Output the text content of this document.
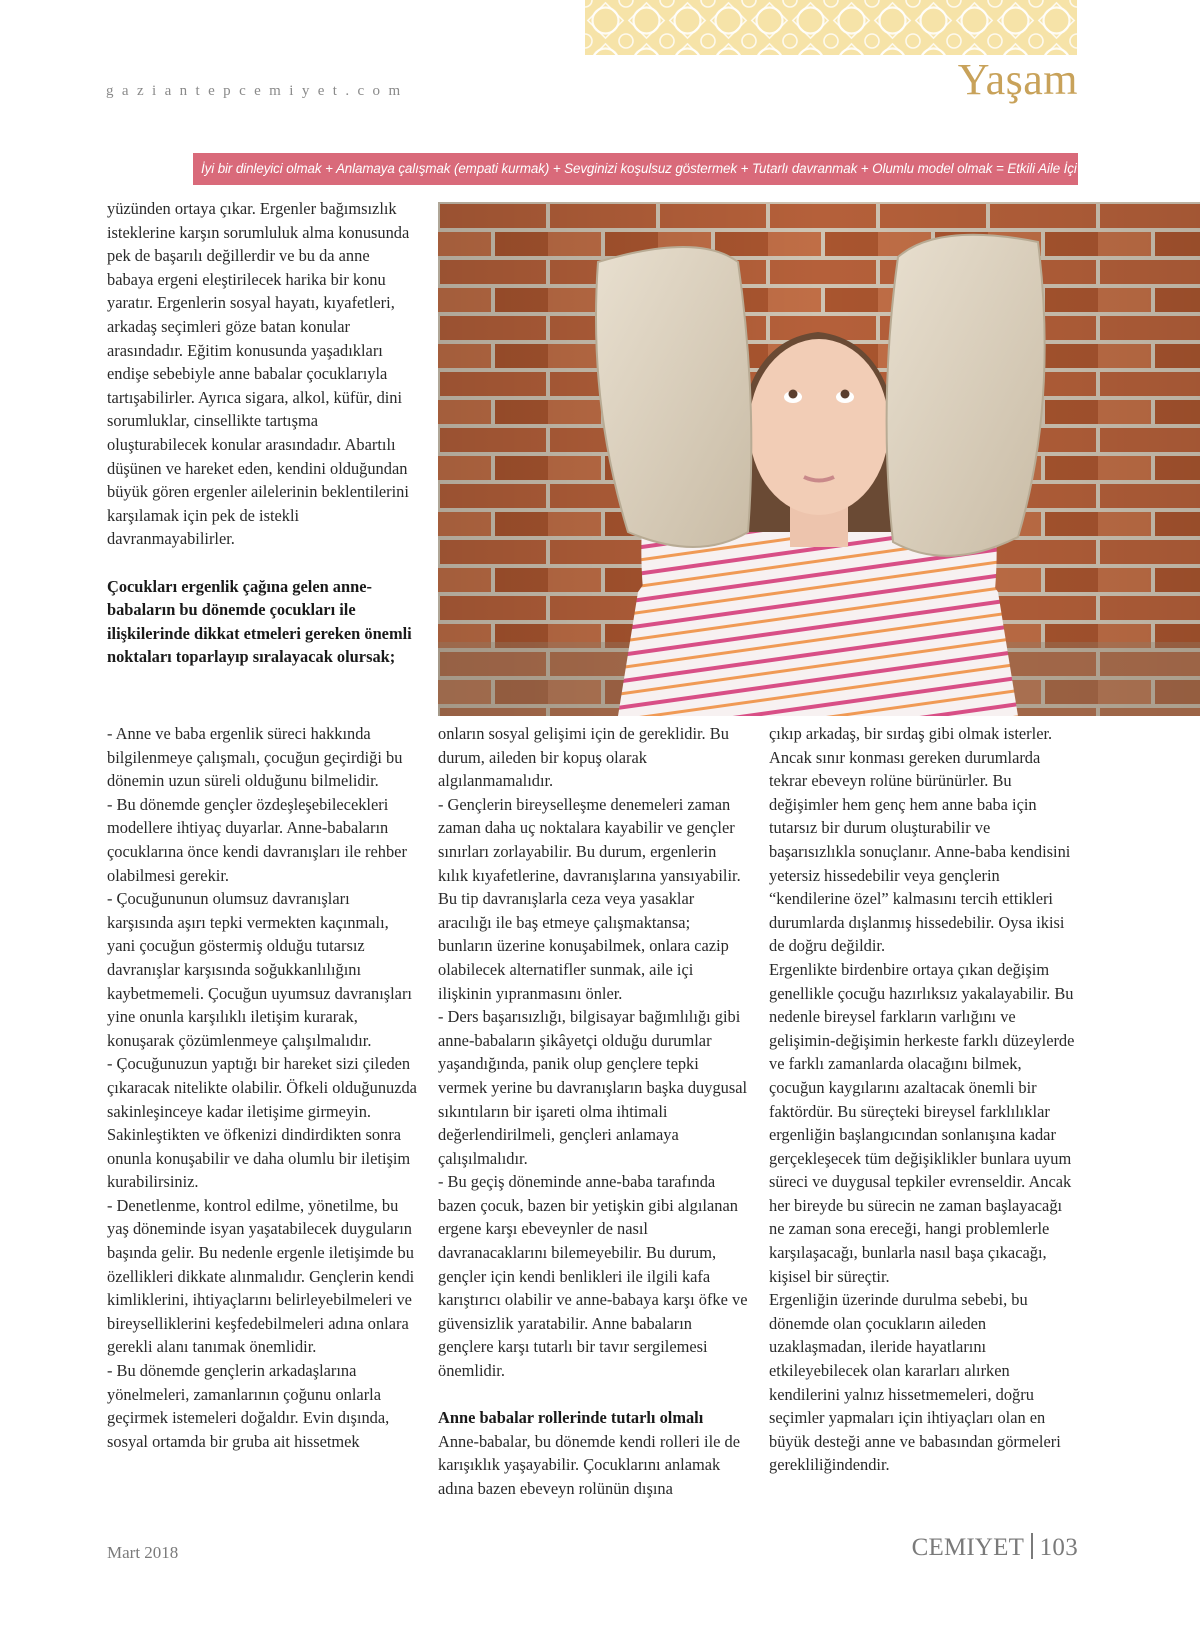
gaziantepcemiyet.com	Yaşam
İyi bir dinleyici olmak + Anlamaya çalışmak (empati kurmak) + Sevginizi koşulsuz göstermek + Tutarlı davranmak + Olumlu model olmak = Etkili Aile İçi İletişim

yüzünden ortaya çıkar. Ergenler bağımsızlık isteklerine karşın sorumluluk alma konusunda pek de başarılı değillerdir ve bu da anne babaya ergeni eleştirilecek harika bir konu yaratır. Ergenlerin sosyal hayatı, kıyafetleri, arkadaş seçimleri göze batan konular arasındadır. Eğitim konusunda yaşadıkları endişe sebebiyle anne babalar çocuklarıyla tartışabilirler. Ayrıca sigara, alkol, küfür, dini sorumluklar, cinsellikte tartışma oluşturabilecek konular arasındadır. Abartılı düşünen ve hareket eden, kendini olduğundan büyük gören ergenler ailelerinin beklentilerini karşılamak için pek de istekli davranmayabilirler.

Çocukları ergenlik çağına gelen anne-babaların bu dönemde çocukları ile ilişkilerinde dikkat etmeleri gereken önemli noktaları toparlayıp sıralayacak olursak;

- Anne ve baba ergenlik süreci hakkında bilgilenmeye çalışmalı, çocuğun geçirdiği bu dönemin uzun süreli olduğunu bilmelidir.

- Bu dönemde gençler özdeşleşebilecekleri modellere ihtiyaç duyarlar. Anne-babaların çocuklarına önce kendi davranışları ile rehber olabilmesi gerekir.

- Çocuğununun olumsuz davranışları karşısında aşırı tepki vermekten kaçınmalı, yani çocuğun göstermiş olduğu tutarsız davranışlar karşısında soğukkanlılığını kaybetmemeli. Çocuğun uyumsuz davranışları yine onunla karşılıklı iletişim kurarak, konuşarak çözümlenmeye çalışılmalıdır.

- Çocuğunuzun yaptığı bir hareket sizi çileden çıkaracak nitelikte olabilir. Öfkeli olduğunuzda sakinleşinceye kadar iletişime girmeyin. Sakinleştikten ve öfkenizi dindirdikten sonra onunla konuşabilir ve daha olumlu bir iletişim kurabilirsiniz.

- Denetlenme, kontrol edilme, yönetilme, bu yaş döneminde isyan yaşatabilecek duyguların başında gelir. Bu nedenle ergenle iletişimde bu özellikleri dikkate alınmalıdır. Gençlerin kendi kimliklerini, ihtiyaçlarını belirleyebilmeleri ve bireyselliklerini keşfedebilmeleri adına onlara gerekli alanı tanımak önemlidir.

- Bu dönemde gençlerin arkadaşlarına yönelmeleri, zamanlarının çoğunu onlarla geçirmek istemeleri doğaldır. Evin dışında, sosyal ortamda bir gruba ait hissetmek

onların sosyal gelişimi için de gereklidir. Bu durum, aileden bir kopuş olarak algılanmamalıdır.

- Gençlerin bireyselleşme denemeleri zaman zaman daha uç noktalara kayabilir ve gençler sınırları zorlayabilir. Bu durum, ergenlerin kılık kıyafetlerine, davranışlarına yansıyabilir. Bu tip davranışlarla ceza veya yasaklar aracılığı ile baş etmeye çalışmaktansa; bunların üzerine konuşabilmek, onlara cazip olabilecek alternatifler sunmak, aile içi ilişkinin yıpranmasını önler.

- Ders başarısızlığı, bilgisayar bağımlılığı gibi anne-babaların şikâyetçi olduğu durumlar yaşandığında, panik olup gençlere tepki vermek yerine bu davranışların başka duygusal sıkıntıların bir işareti olma ihtimali değerlendirilmeli, gençleri anlamaya çalışılmalıdır.

- Bu geçiş döneminde anne-baba tarafında bazen çocuk, bazen bir yetişkin gibi algılanan ergene karşı ebeveynler de nasıl davranacaklarını bilemeyebilir. Bu durum, gençler için kendi benlikleri ile ilgili kafa karıştırıcı olabilir ve anne-babaya karşı öfke ve güvensizlik yaratabilir. Anne babaların gençlere karşı tutarlı bir tavır sergilemesi önemlidir.

Anne babalar rollerinde tutarlı olmalı

Anne-babalar, bu dönemde kendi rolleri ile de karışıklık yaşayabilir. Çocuklarını anlamak adına bazen ebeveyn rolünün dışına

çıkıp arkadaş, bir sırdaş gibi olmak isterler. Ancak sınır konması gereken durumlarda tekrar ebeveyn rolüne bürünürler. Bu değişimler hem genç hem anne baba için tutarsız bir durum oluşturabilir ve başarısızlıkla sonuçlanır. Anne-baba kendisini yetersiz hissedebilir veya gençlerin “kendilerine özel” kalmasını tercih ettikleri durumlarda dışlanmış hissedebilir. Oysa ikisi de doğru değildir.

Ergenlikte birdenbire ortaya çıkan değişim genellikle çocuğu hazırlıksız yakalayabilir. Bu nedenle bireysel farkların varlığını ve gelişimin-değişimin herkeste farklı düzeylerde ve farklı zamanlarda olacağını bilmek, çocuğun kaygılarını azaltacak önemli bir faktördür. Bu süreçteki bireysel farklılıklar ergenliğin başlangıcından sonlanışına kadar gerçekleşecek tüm değişiklikler bunlara uyum süreci ve duygusal tepkiler evrenseldir. Ancak her bireyde bu sürecin ne zaman başlayacağı ne zaman sona ereceği, hangi problemlerle karşılaşacağı, bunlarla nasıl başa çıkacağı, kişisel bir süreçtir.

Ergenliğin üzerinde durulma sebebi, bu dönemde olan çocukların aileden uzaklaşmadan, ileride hayatlarını etkileyebilecek olan kararları alırken kendilerini yalnız hissetmemeleri, doğru seçimler yapmaları için ihtiyaçları olan en büyük desteği anne ve babasından görmeleri gerekliliğindendir.

Mart 2018	CEMIYET 103
